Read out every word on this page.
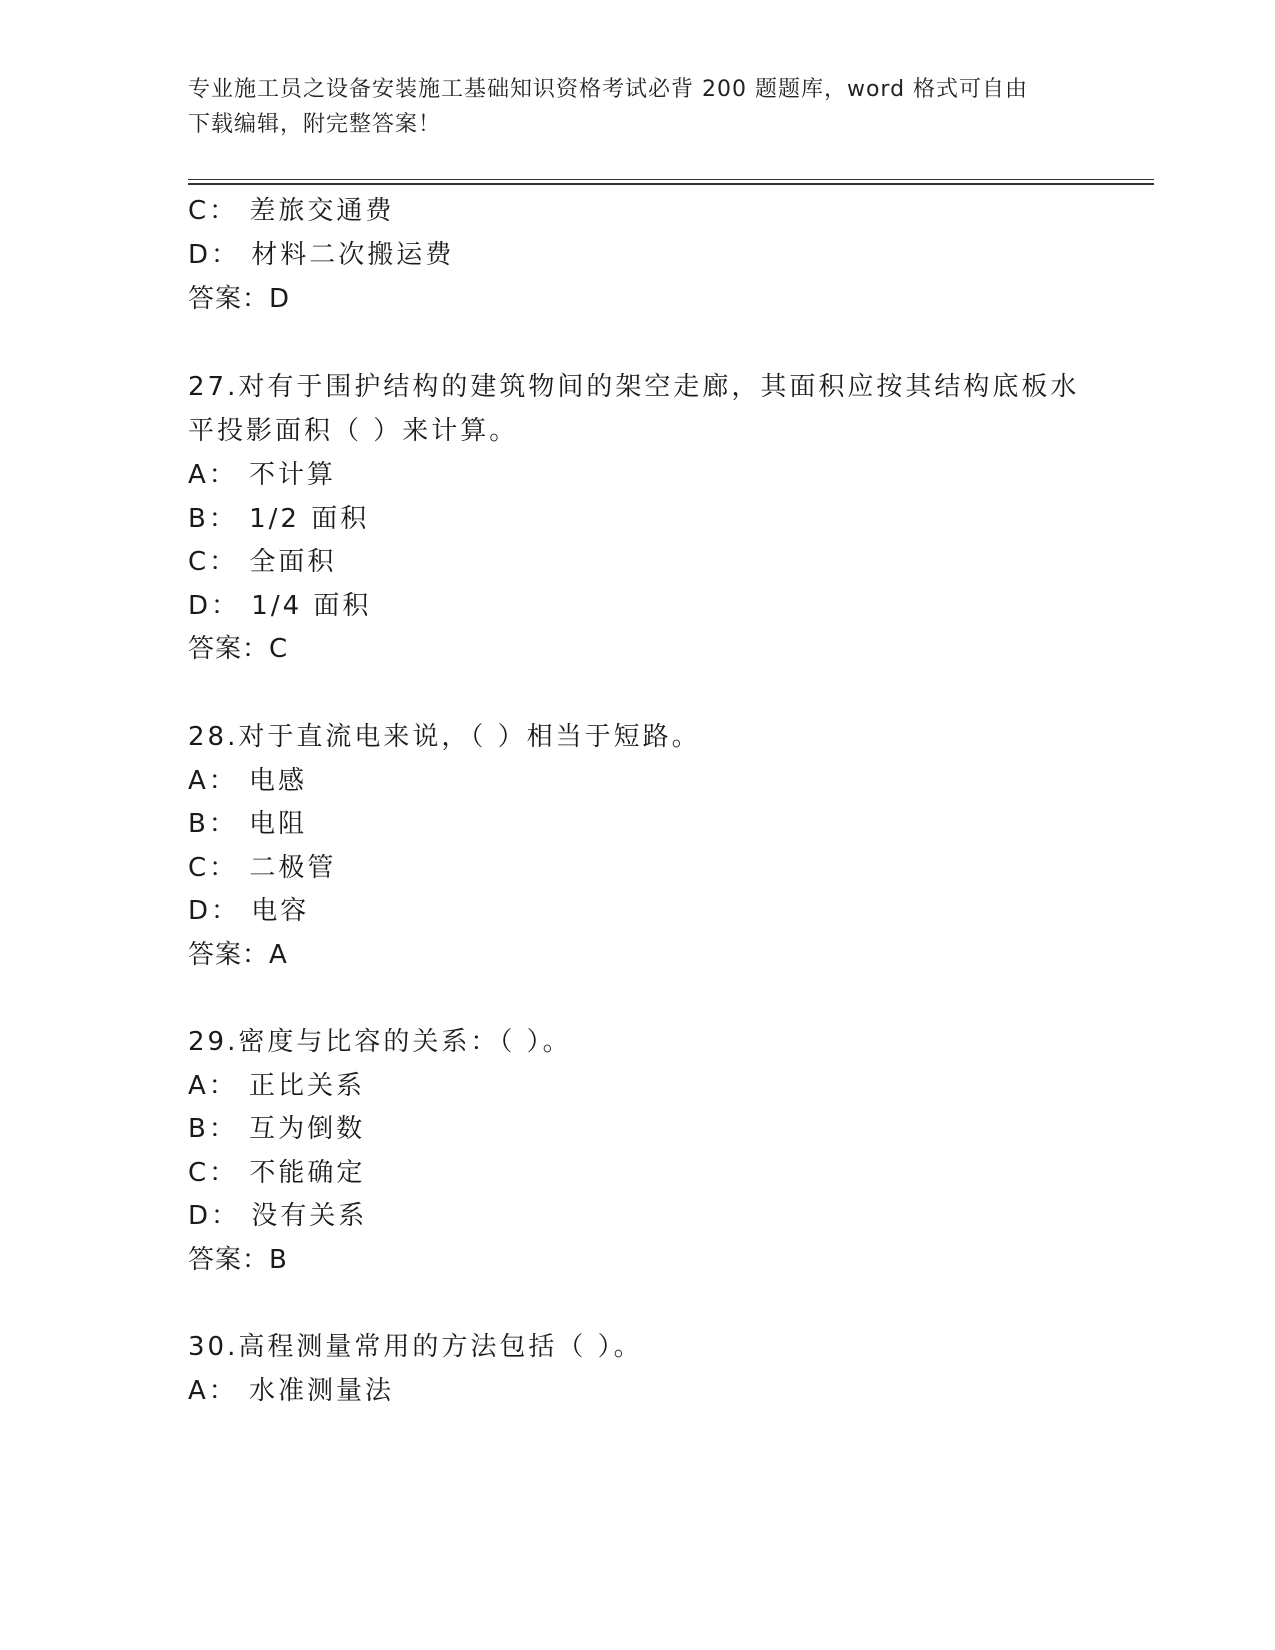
专业施工员之设备安装施工基础知识资格考试必背 200 题题库，word 格式可自由
下载编辑，附完整答案！
C： 差旅交通费
D： 材料二次搬运费
答案：D
27.对有于围护结构的建筑物间的架空走廊，其面积应按其结构底板水
平投影面积（ ）来计算。
A： 不计算
B： 1/2 面积
C： 全面积
D： 1/4 面积
答案：C
28.对于直流电来说，（ ）相当于短路。
A： 电感
B： 电阻
C： 二极管
D： 电容
答案：A
29.密度与比容的关系：（ ）。
A： 正比关系
B： 互为倒数
C： 不能确定
D： 没有关系
答案：B
30.高程测量常用的方法包括（ ）。
A： 水准测量法
